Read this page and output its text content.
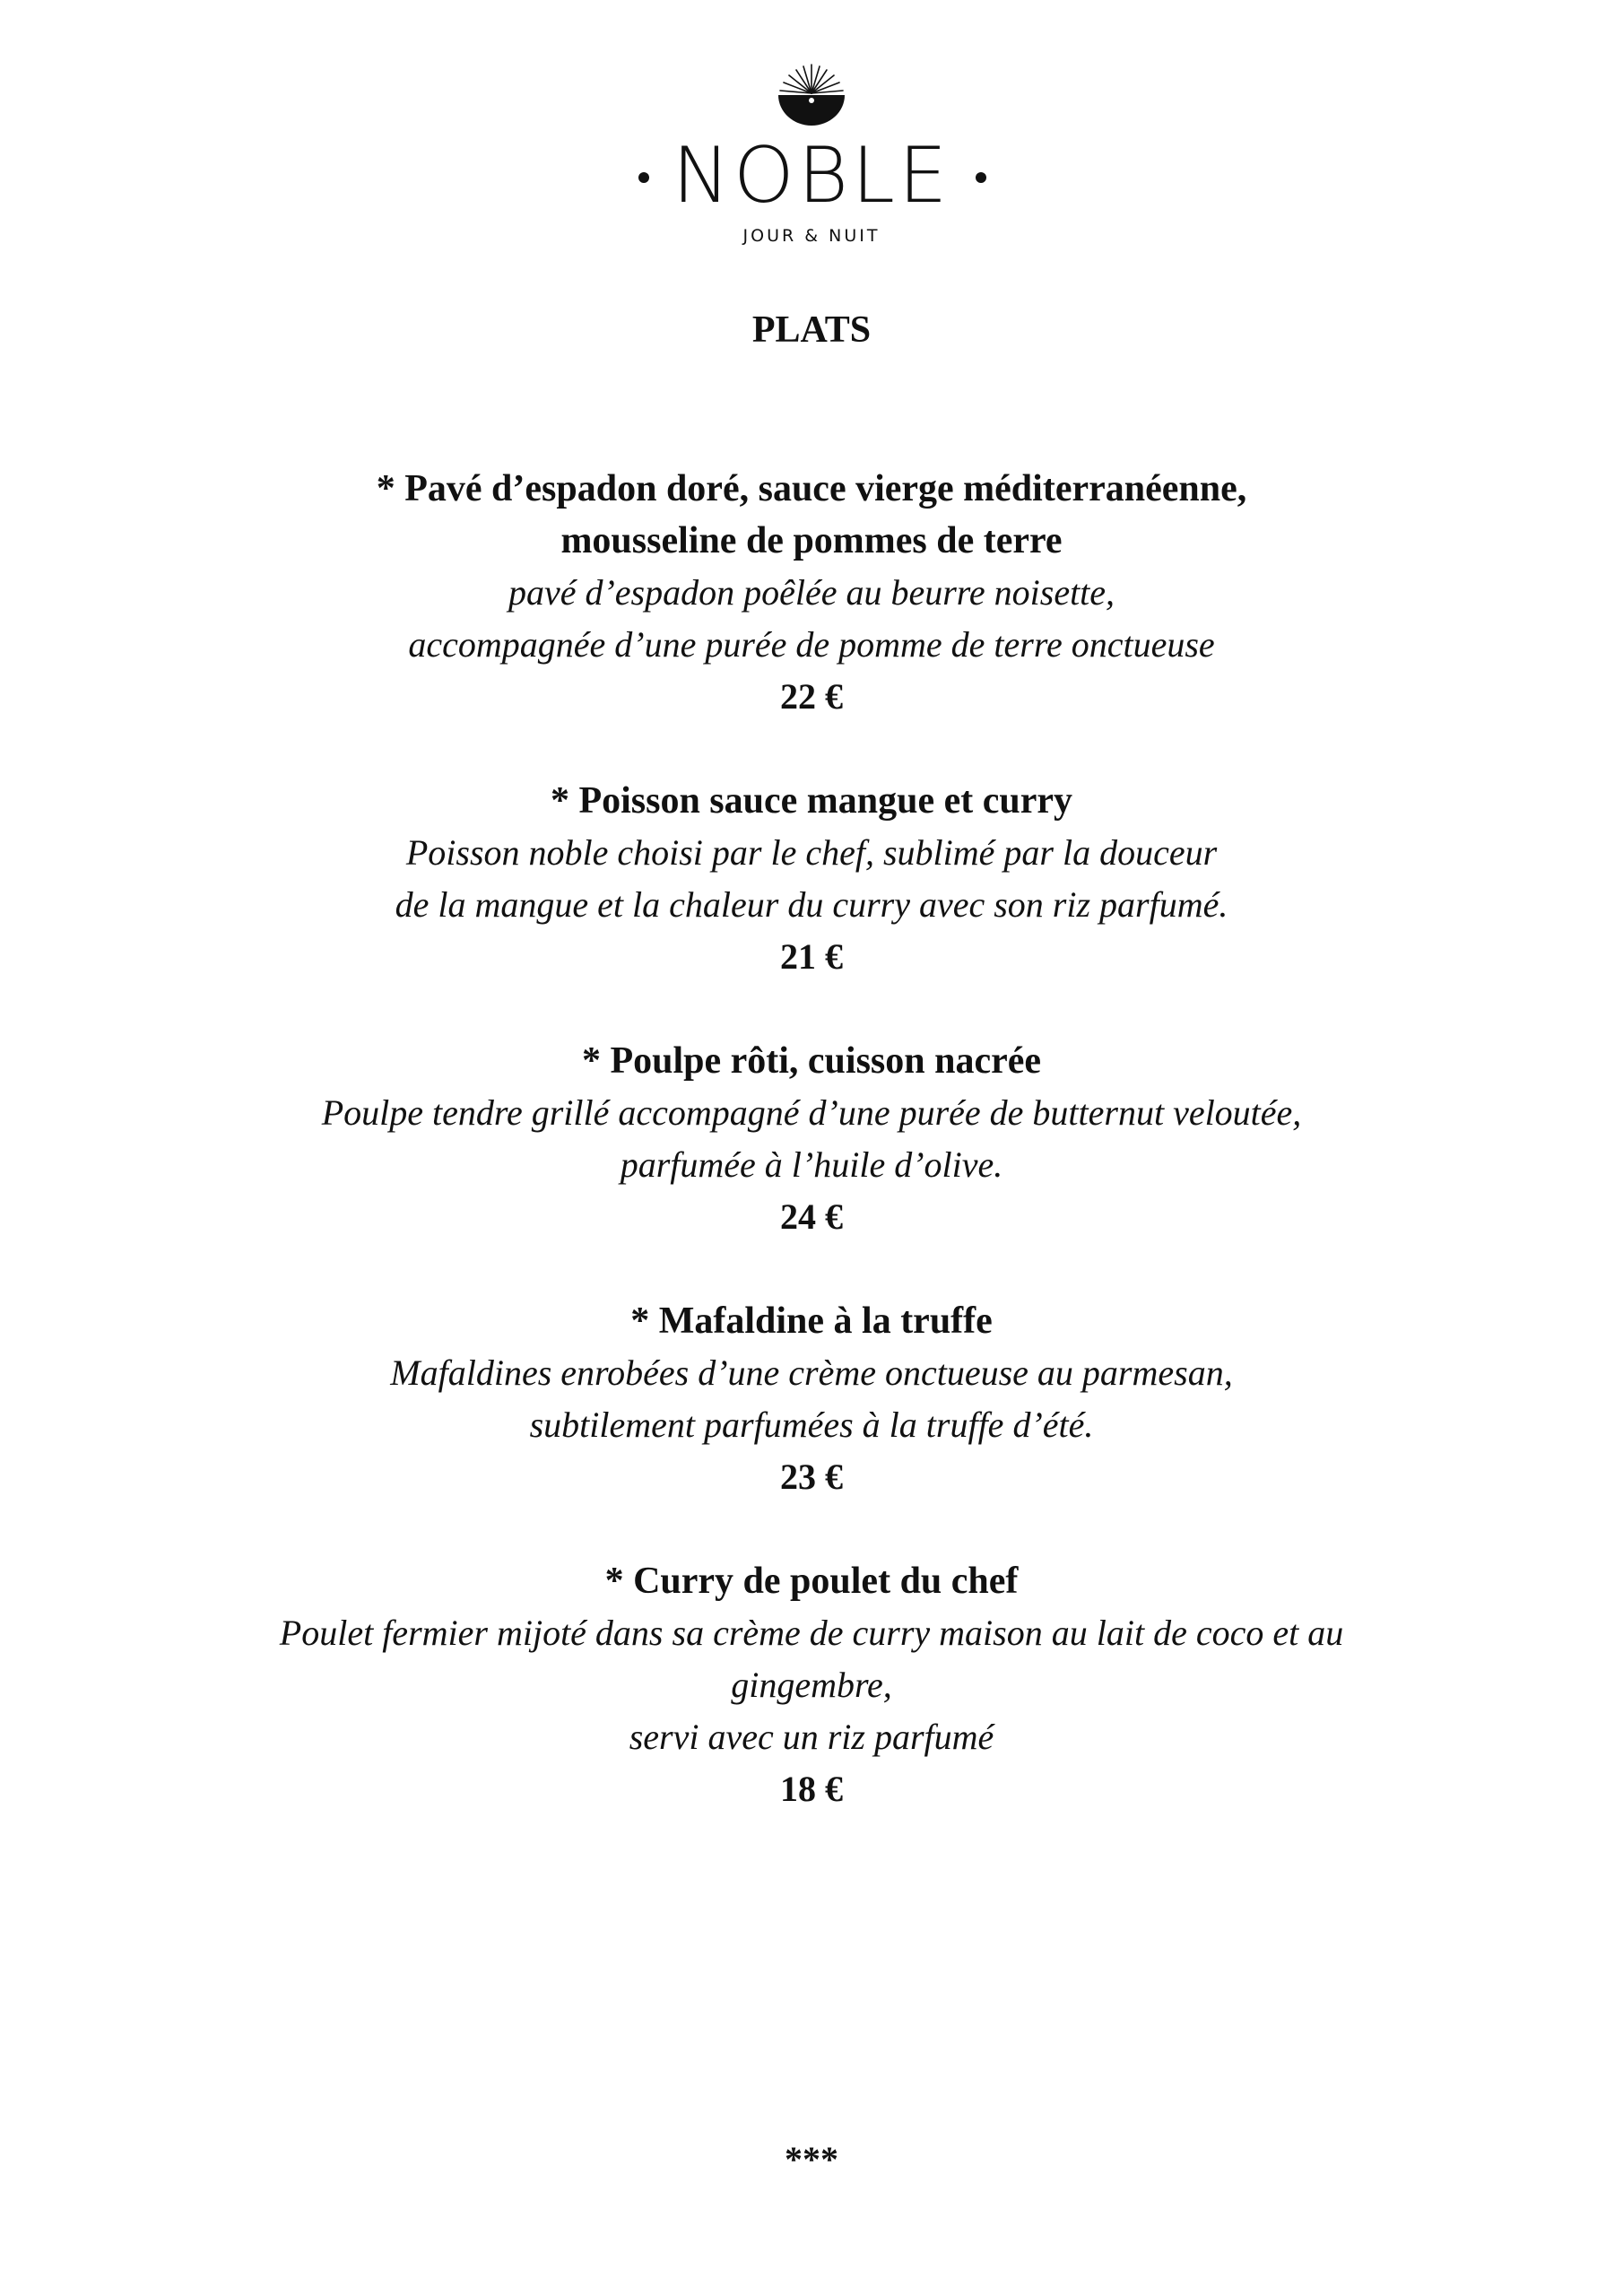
NOBLE
JOUR & NUIT
PLATS

* Pavé d’espadon doré, sauce vierge méditerranéenne,

mousseline de pommes de terre

pavé d’espadon poêlée au beurre noisette,

accompagnée d’une purée de pomme de terre onctueuse

22 €

* Poisson sauce mangue et curry

Poisson noble choisi par le chef, sublimé par la douceur

de la mangue et la chaleur du curry avec son riz parfumé.

21 €

* Poulpe rôti, cuisson nacrée

Poulpe tendre grillé accompagné d’une purée de butternut veloutée,

parfumée à l’huile d’olive.

24 €

* Mafaldine à la truffe

Mafaldines enrobées d’une crème onctueuse au parmesan,

subtilement parfumées à la truffe d’été.

23 €

* Curry de poulet du chef

Poulet fermier mijoté dans sa crème de curry maison au lait de coco et au

gingembre,

servi avec un riz parfumé

18 €

***
